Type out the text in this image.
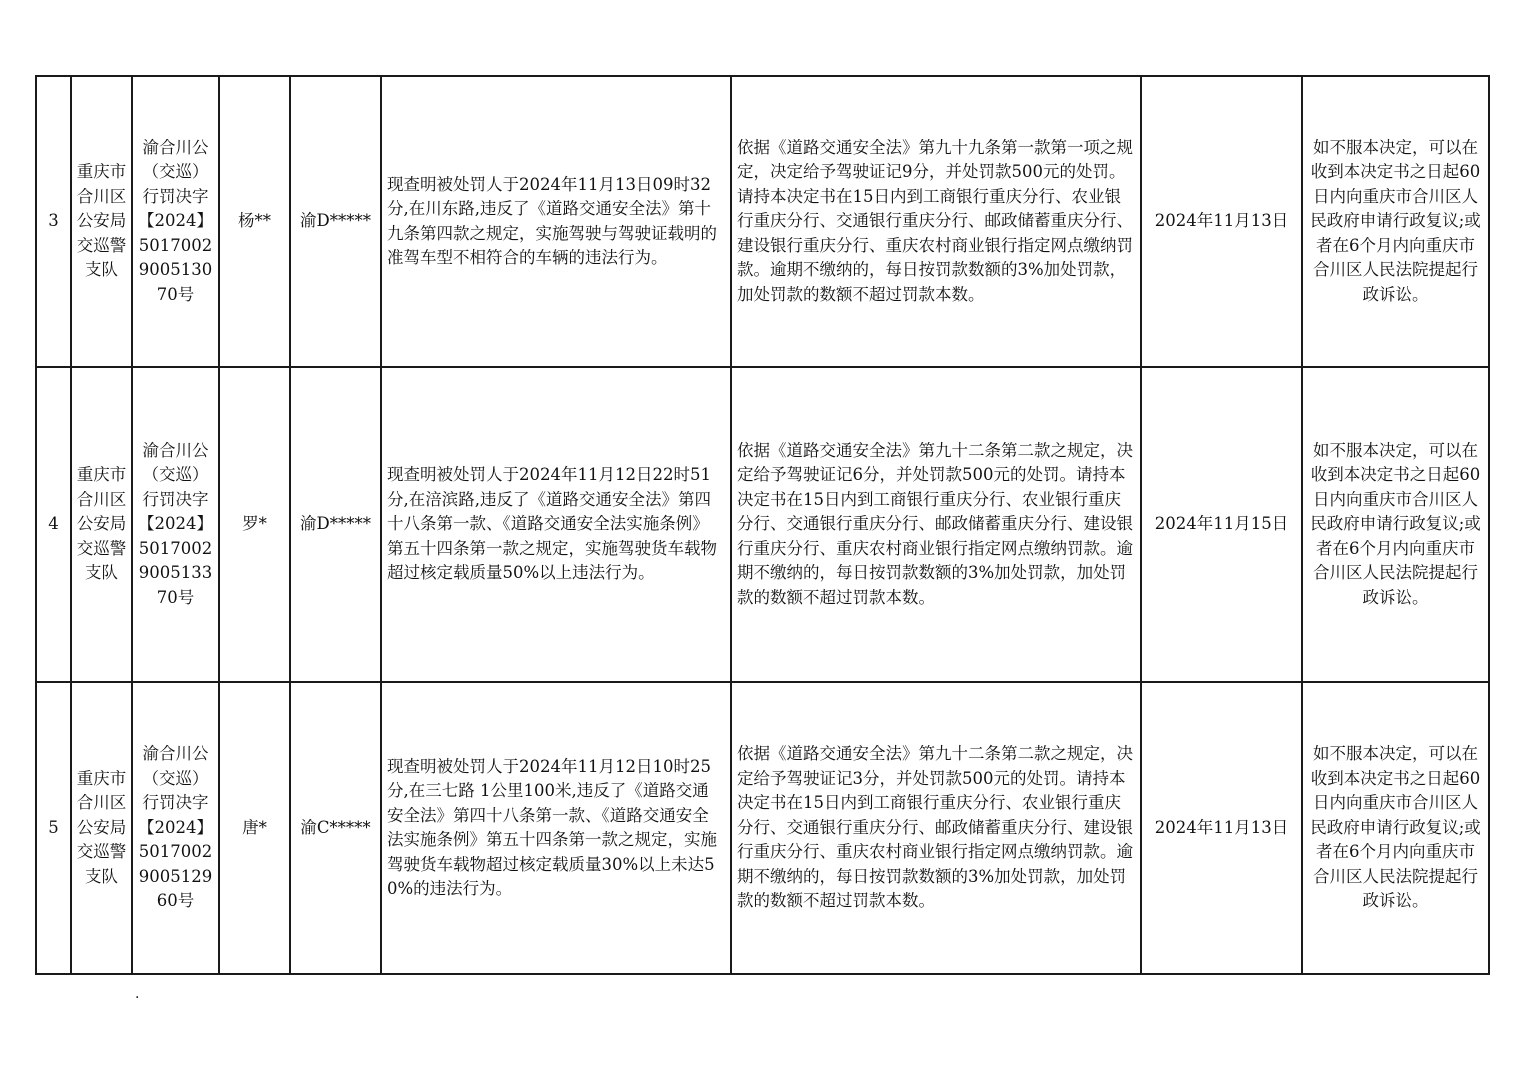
3	重庆市合川区公安局交巡警支队	渝合川公（交巡）行罚决字【2024】5017002900513070号	杨**	渝D*****	现查明被处罚人于2024年11月13日09时32分,在川东路,违反了《道路交通安全法》第十九条第四款之规定，实施驾驶与驾驶证载明的准驾车型不相符合的车辆的违法行为。	依据《道路交通安全法》第九十九条第一款第一项之规定，决定给予驾驶证记9分，并处罚款500元的处罚。请持本决定书在15日内到工商银行重庆分行、农业银行重庆分行、交通银行重庆分行、邮政储蓄重庆分行、建设银行重庆分行、重庆农村商业银行指定网点缴纳罚款。逾期不缴纳的，每日按罚款数额的3%加处罚款，加处罚款的数额不超过罚款本数。	2024年11月13日	如不服本决定，可以在收到本决定书之日起60日内向重庆市合川区人民政府申请行政复议;或者在6个月内向重庆市合川区人民法院提起行政诉讼。
4	重庆市合川区公安局交巡警支队	渝合川公（交巡）行罚决字【2024】5017002900513370号	罗*	渝D*****	现查明被处罚人于2024年11月12日22时51分,在涪滨路,违反了《道路交通安全法》第四十八条第一款、《道路交通安全法实施条例》第五十四条第一款之规定，实施驾驶货车载物超过核定载质量50%以上违法行为。	依据《道路交通安全法》第九十二条第二款之规定，决定给予驾驶证记6分，并处罚款500元的处罚。请持本决定书在15日内到工商银行重庆分行、农业银行重庆分行、交通银行重庆分行、邮政储蓄重庆分行、建设银行重庆分行、重庆农村商业银行指定网点缴纳罚款。逾期不缴纳的，每日按罚款数额的3%加处罚款，加处罚款的数额不超过罚款本数。	2024年11月15日	如不服本决定，可以在收到本决定书之日起60日内向重庆市合川区人民政府申请行政复议;或者在6个月内向重庆市合川区人民法院提起行政诉讼。
5	重庆市合川区公安局交巡警支队	渝合川公（交巡）行罚决字【2024】5017002900512960号	唐*	渝C*****	现查明被处罚人于2024年11月12日10时25分,在三七路 1公里100米,违反了《道路交通安全法》第四十八条第一款、《道路交通安全法实施条例》第五十四条第一款之规定，实施驾驶货车载物超过核定载质量30%以上未达50%的违法行为。	依据《道路交通安全法》第九十二条第二款之规定，决定给予驾驶证记3分，并处罚款500元的处罚。请持本决定书在15日内到工商银行重庆分行、农业银行重庆分行、交通银行重庆分行、邮政储蓄重庆分行、建设银行重庆分行、重庆农村商业银行指定网点缴纳罚款。逾期不缴纳的，每日按罚款数额的3%加处罚款，加处罚款的数额不超过罚款本数。	2024年11月13日	如不服本决定，可以在收到本决定书之日起60日内向重庆市合川区人民政府申请行政复议;或者在6个月内向重庆市合川区人民法院提起行政诉讼。
.
